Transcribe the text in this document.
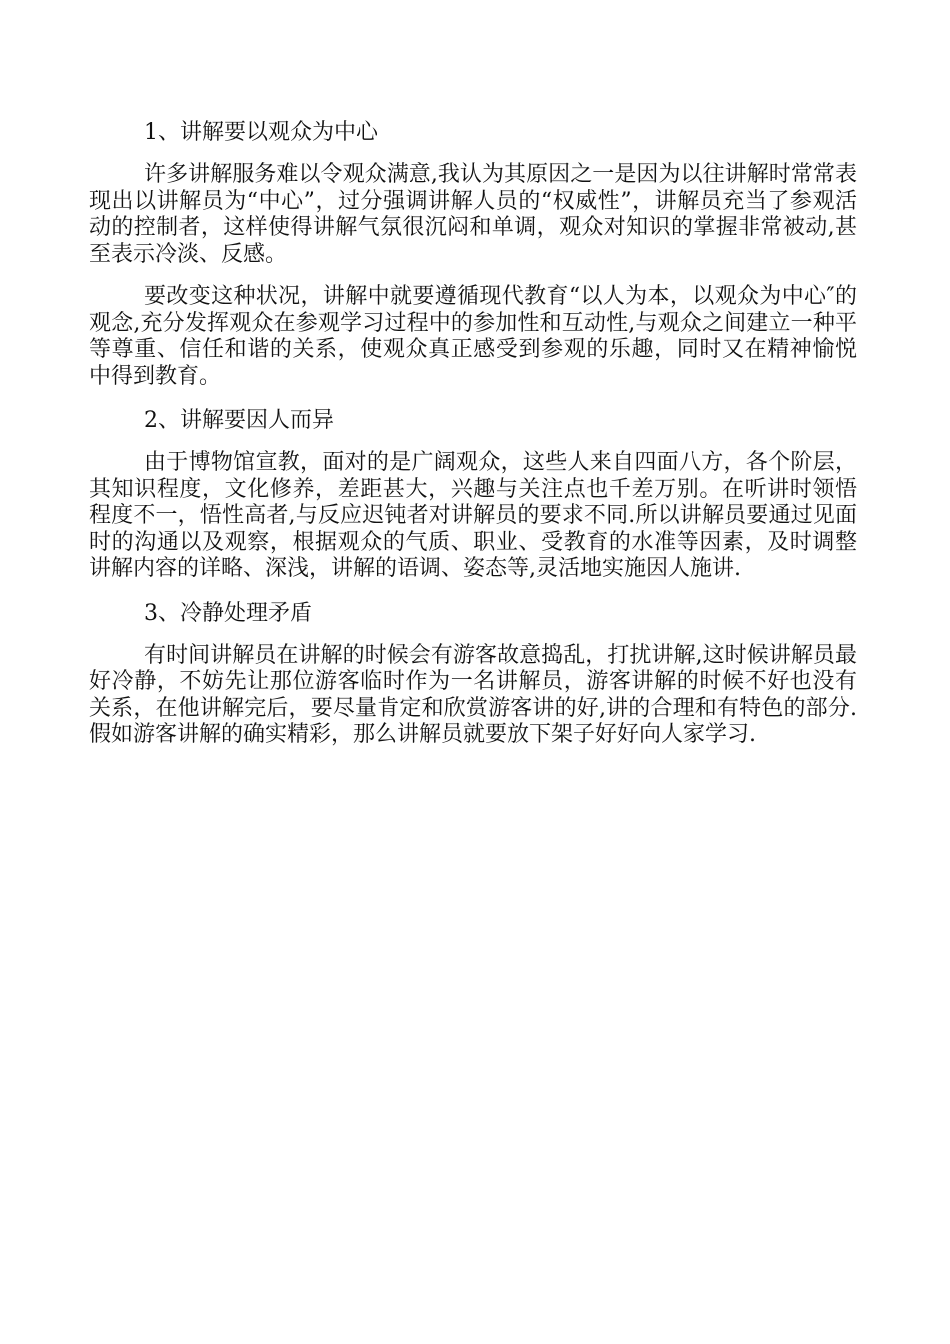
1、讲解要以观众为中心

许多讲解服务难以令观众满意,我认为其原因之一是因为以往讲解时常常表现出以讲解员为“中心”，过分强调讲解人员的“权威性”，讲解员充当了参观活动的控制者，这样使得讲解气氛很沉闷和单调，观众对知识的掌握非常被动,甚至表示冷淡、反感。

要改变这种状况，讲解中就要遵循现代教育“以人为本，以观众为中心″的观念,充分发挥观众在参观学习过程中的参加性和互动性,与观众之间建立一种平等尊重、信任和谐的关系，使观众真正感受到参观的乐趣，同时又在精神愉悦中得到教育。

2、讲解要因人而异

由于博物馆宣教，面对的是广阔观众，这些人来自四面八方，各个阶层，其知识程度，文化修养，差距甚大，兴趣与关注点也千差万别。在听讲时领悟程度不一，悟性高者,与反应迟钝者对讲解员的要求不同.所以讲解员要通过见面时的沟通以及观察，根据观众的气质、职业、受教育的水准等因素，及时调整讲解内容的详略、深浅，讲解的语调、姿态等,灵活地实施因人施讲.

3、冷静处理矛盾

有时间讲解员在讲解的时候会有游客故意捣乱，打扰讲解,这时候讲解员最好冷静，不妨先让那位游客临时作为一名讲解员，游客讲解的时候不好也没有关系，在他讲解完后，要尽量肯定和欣赏游客讲的好,讲的合理和有特色的部分.假如游客讲解的确实精彩，那么讲解员就要放下架子好好向人家学习.
